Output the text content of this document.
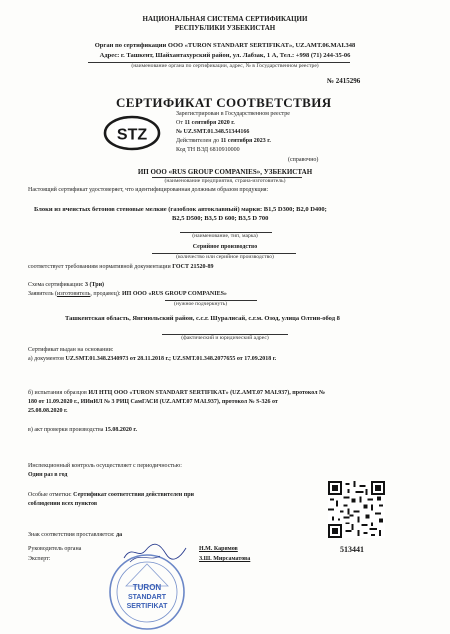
НАЦИОНАЛЬНАЯ СИСТЕМА СЕРТИФИКАЦИИ
РЕСПУБЛИКИ УЗБЕКИСТАН
Орган по сертификации ООО «TURON STANDART SERTIFIKAT», UZ.AMT.06.MAI.348
Адрес: г. Ташкент, Шайхантахурский район, ул. Лабзак, 1 А, Тел.: +998 (71) 244-35-06
(наименование органа по сертификации, адрес, № в Государственном реестре)
№ 2415296
СЕРТИФИКАТ СООТВЕТСТВИЯ
STZ
Зарегистрирован в Государственном реестре
От 11 сентября 2020 г.
№ UZ.SMT.01.348.51344166
Действителен до 11 сентября 2023 г.
Код ТН ВЭД 6810910000
(справочно)
ИП ООО «RUS GROUP COMPANIES», УЗБЕКИСТАН
(наименование предприятия, страна-изготовитель)
Настоящий сертификат удостоверяет, что идентифицированная должным образом продукция:
Блоки из ячеистых бетонов стеновые мелкие (газоблок автоклавный) марки: B1,5 D300; B2,0 D400;
B2,5 D500; B3,5 D 600; B3,5 D 700
(наименование, тип, марка)
Серийное производство
(количество или серийное производство)
соответствует требованиям нормативной документации ГОСТ 21520-89
Схема сертификации: 3 (Три)
Заявитель (изготовитель, продавец): ИП ООО «RUS GROUP COMPANIES»
(нужное подчеркнуть)
Ташкентская область, Янгиюльский район, с.с.г. Шуралисай, с.г.м. Озод, улица Олтин-обод 8
(фактический и юридический адрес)
Сертификат выдан на основании:
а) документов UZ.SMT.01.348.2340973 от 28.11.2018 г.; UZ.SMT.01.348.2077655 от 17.09.2018 г.
б) испытания образцов ИЛ НТЦ ООО «TURON STANDART SERTIFIKAT» (UZ.AMT.07 MAI.937), протокол №
180 от 11.09.2020 г., ИИиИЛ № 3 РИЦ СамГАСИ (UZ.AMT.07 MAI.937), протокол № S-326 от
25.08.08.2020 г.
в) акт проверки производства 15.08.2020 г.
Инспекционный контроль осуществляет с периодичностью:
Один раз в год
Особые отметки: Сертификат соответствия действителен при
соблюдении всех пунктов
Знак соответствия проставляется: да
TURON
STANDART
SERTIFIKAT
Руководитель органа	Н.М. Карямов
Эксперт:	З.Ш. Мирсаматова
513441
